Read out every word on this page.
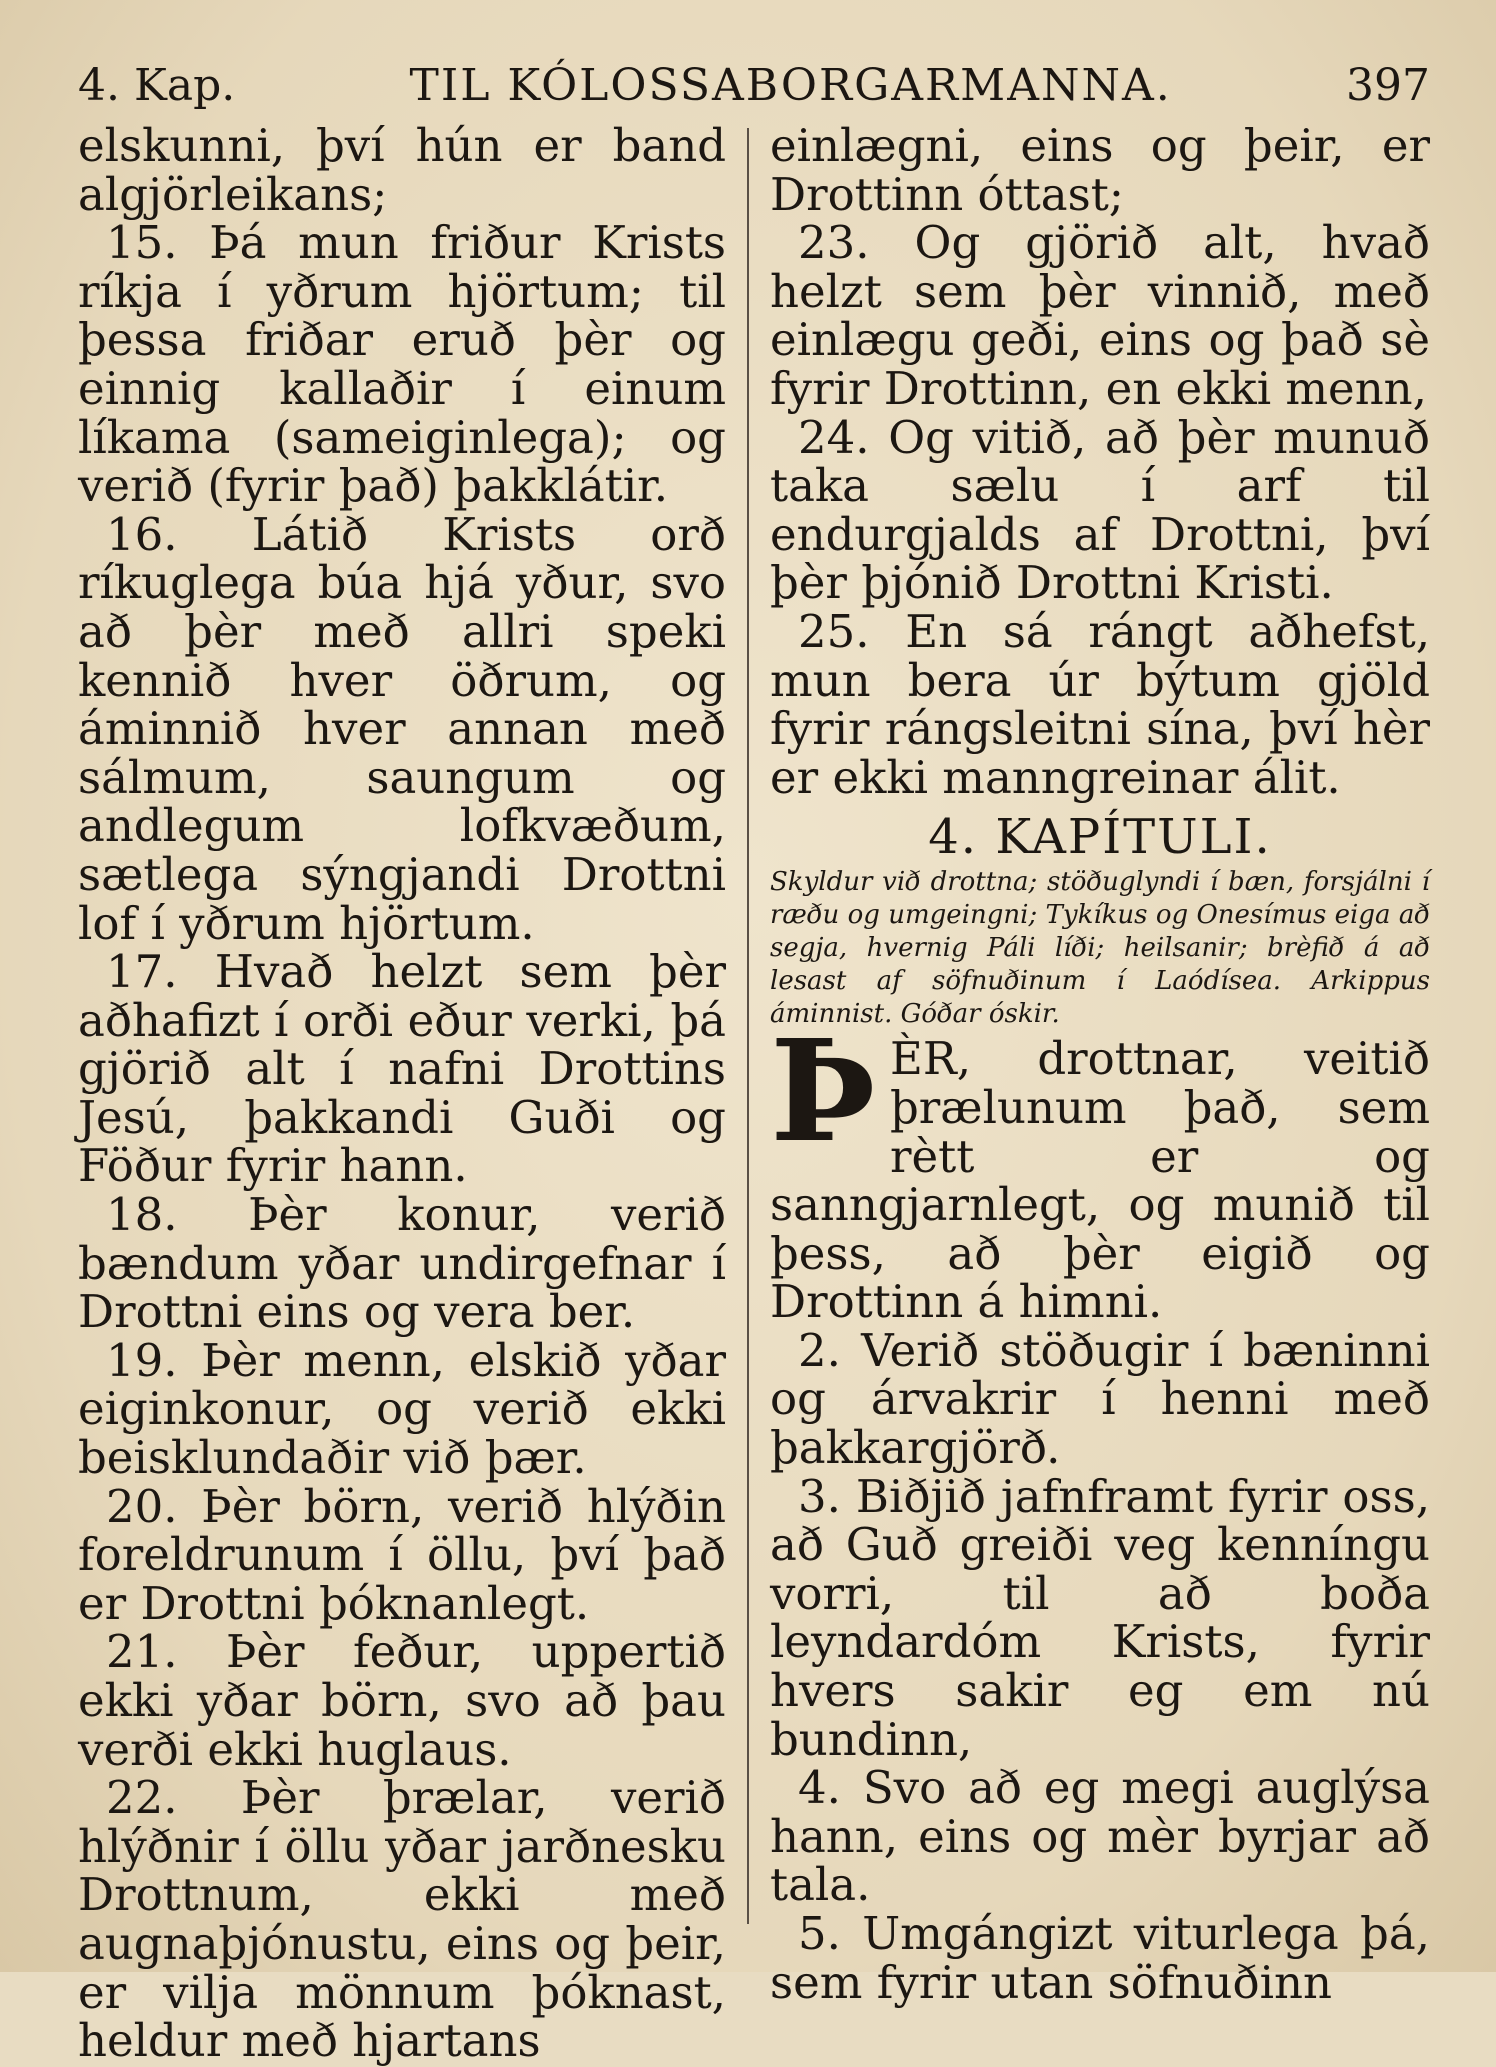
4. Kap.	TIL KÓLOSSABORGARMANNA.	397

elskunni, því hún er band algjörleikans;

15. Þá mun friður Krists ríkja í yðrum hjörtum; til þessa friðar eruð þèr og einnig kallaðir í einum líkama (sameiginlega); og verið (fyrir það) þakklátir.

16. Látið Krists orð ríkuglega búa hjá yður, svo að þèr með allri speki kennið hver öðrum, og áminnið hver annan með sálmum, saungum og andlegum lofkvæðum, sætlega sýngjandi Drottni lof í yðrum hjörtum.

17. Hvað helzt sem þèr aðhafizt í orði eður verki, þá gjörið alt í nafni Drottins Jesú, þakkandi Guði og Föður fyrir hann.

18. Þèr konur, verið bændum yðar undirgefnar í Drottni eins og vera ber.

19. Þèr menn, elskið yðar eiginkonur, og verið ekki beisklundaðir við þær.

20. Þèr börn, verið hlýðin foreldrunum í öllu, því það er Drottni þóknanlegt.

21. Þèr feður, uppertið ekki yðar börn, svo að þau verði ekki huglaus.

22. Þèr þrælar, verið hlýðnir í öllu yðar jarðnesku Drottnum, ekki með augnaþjónustu, eins og þeir, er vilja mönnum þóknast, heldur með hjartans

einlægni, eins og þeir, er Drottinn óttast;

23. Og gjörið alt, hvað helzt sem þèr vinnið, með einlægu geði, eins og það sè fyrir Drottinn, en ekki menn,

24. Og vitið, að þèr munuð taka sælu í arf til endurgjalds af Drottni, því þèr þjónið Drottni Kristi.

25. En sá rángt aðhefst, mun bera úr býtum gjöld fyrir rángsleitni sína, því hèr er ekki manngreinar álit.

4. KAPÍTULI.

Skyldur við drottna; stöðuglyndi í bæn, forsjálni í ræðu og umgeingni; Tykíkus og Onesímus eiga að segja, hvernig Páli líði; heilsanir; brèfið á að lesast af söfnuðinum í Laódísea. Arkippus áminnist. Góðar óskir.

Þ ÈR, drottnar, veitið þrælunum það, sem rètt er og sanngjarnlegt, og munið til þess, að þèr eigið og Drottinn á himni.

2. Verið stöðugir í bæninni og árvakrir í henni með þakkargjörð.

3. Biðjið jafnframt fyrir oss, að Guð greiði veg kenníngu vorri, til að boða leyndardóm Krists, fyrir hvers sakir eg em nú bundinn,

4. Svo að eg megi auglýsa hann, eins og mèr byrjar að tala.

5. Umgángizt viturlega þá, sem fyrir utan söfnuðinn
